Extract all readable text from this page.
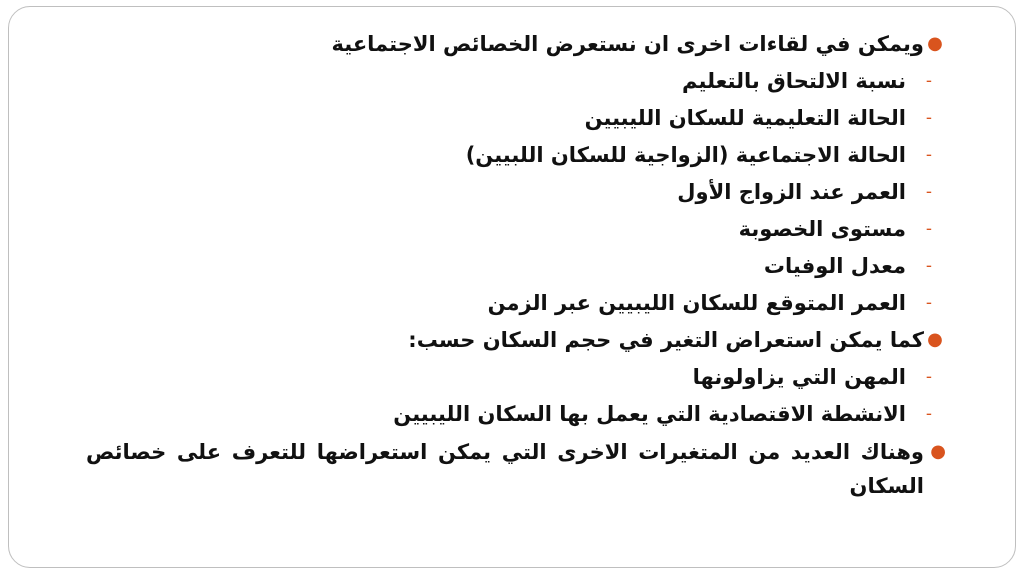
●
ويمكن في لقاءات اخرى ان نستعرض الخصائص الاجتماعية
-
نسبة الالتحاق بالتعليم
-
الحالة التعليمية للسكان الليبيين
-
الحالة الاجتماعية (الزواجية للسكان اللبيين)
-
العمر عند الزواج الأول
-
مستوى الخصوبة
-
معدل الوفيات
-
العمر المتوقع للسكان الليبيين عبر الزمن
●
كما يمكن استعراض التغير في حجم السكان حسب:
-
المهن التي يزاولونها
-
الانشطة الاقتصادية التي يعمل بها السكان الليبيين
●
وهناك العديد من المتغيرات الاخرى التي يمكن استعراضها للتعرف على خصائص السكان
